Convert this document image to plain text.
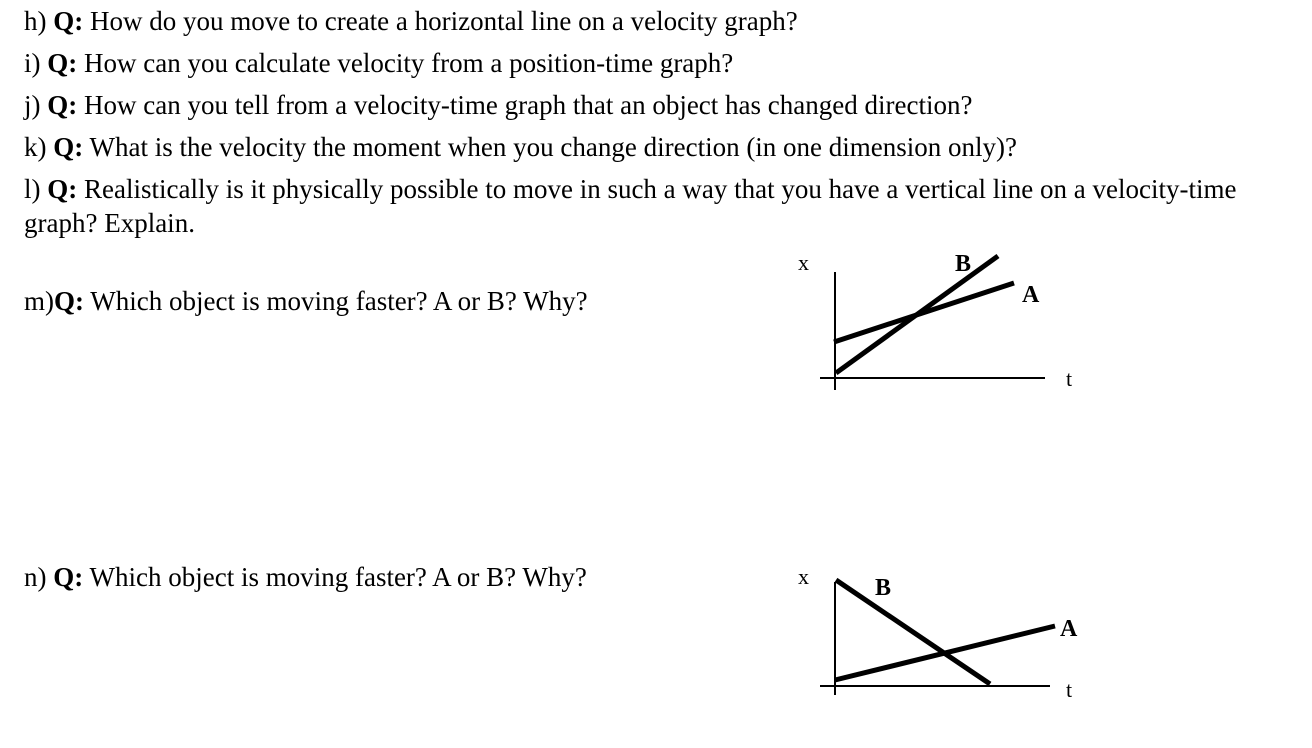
h) Q: How do you move to create a horizontal line on a velocity graph?

i) Q: How can you calculate velocity from a position-time graph?

j) Q: How can you tell from a velocity-time graph that an object has changed direction?

k) Q: What is the velocity the moment when you change direction (in one dimension only)?

l) Q: Realistically is it physically possible to move in such a way that you have a vertical line on a velocity-time graph? Explain.

m)Q: Which object is moving faster? A or B? Why?

n) Q: Which object is moving faster? A or B? Why?

x
t
B
A
x
t
B
A
